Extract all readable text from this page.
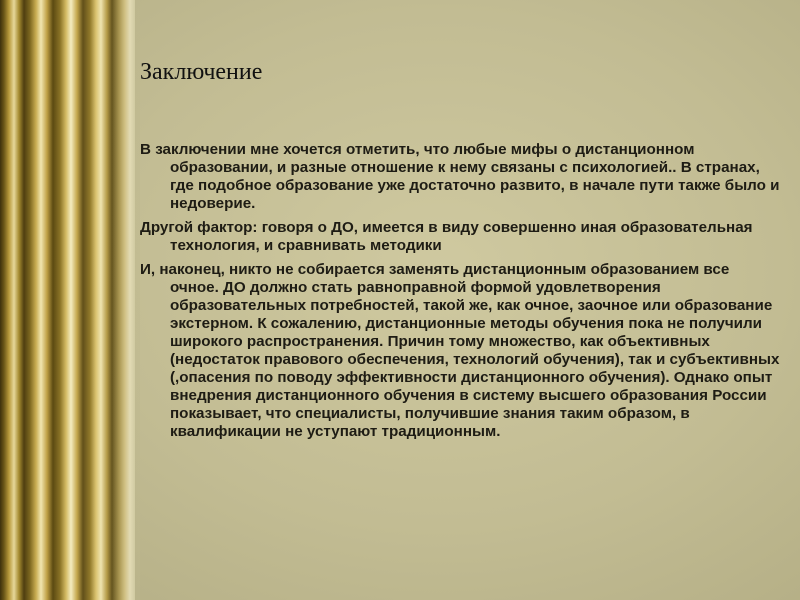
Заключение

В заключении мне хочется отметить, что любые мифы о дистанционном образовании, и разные отношение к нему связаны с психологией.. В странах, где подобное образование уже достаточно развито, в начале пути также было и недоверие.

Другой фактор: говоря о ДО, имеется в виду совершенно иная образовательная технология, и сравнивать методики

И, наконец, никто не собирается заменять дистанционным образованием все очное. ДО должно стать равноправной формой удовлетворения образовательных потребностей, такой же, как очное, заочное или образование экстерном. К сожалению, дистанционные методы обучения пока не получили широкого распространения. Причин тому множество, как объективных (недостаток правового обеспечения, технологий обучения), так и субъективных (,опасения по поводу эффективности дистанционного обучения). Однако опыт внедрения дистанционного обучения в систему высшего образования России показывает, что специалисты, получившие знания таким образом, в квалификации не уступают традиционным.
